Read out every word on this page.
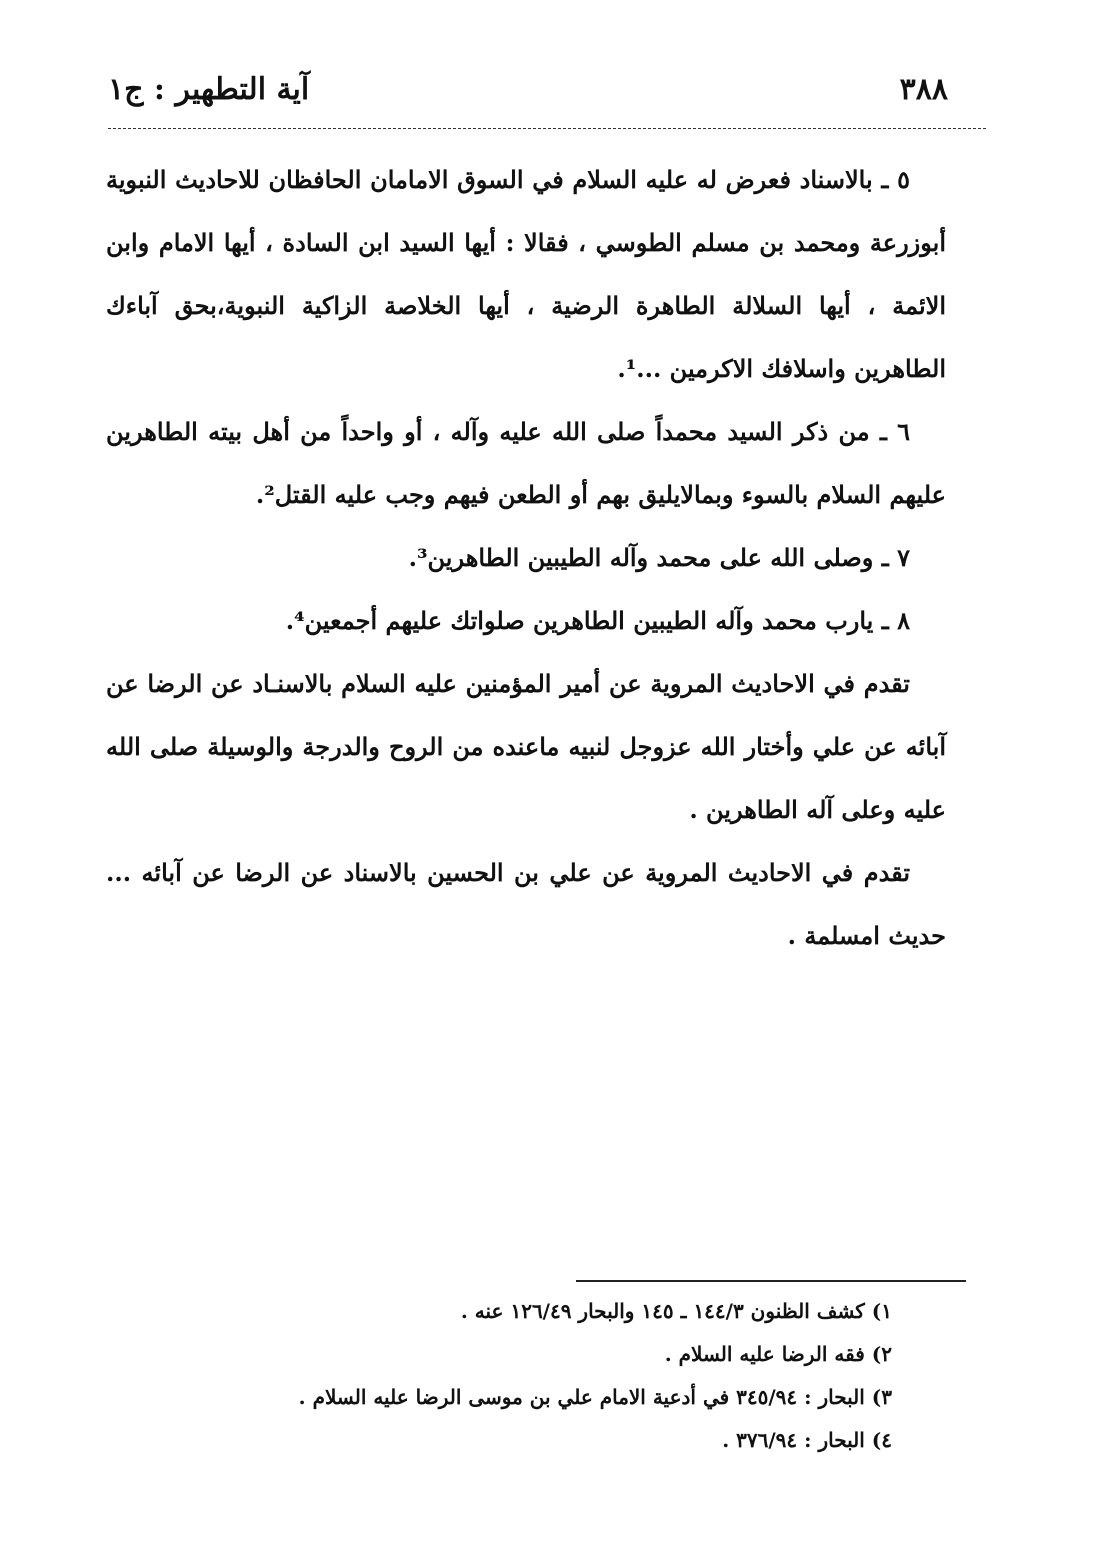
٣٨٨
آية التطهير : ج١

٥ ـ بالاسناد فعرض له عليه السلام في السوق الامامان الحافظان للاحاديث النبوية أبوزرعة ومحمد بن مسلم الطوسي ، فقالا : أيها السيد ابن السادة ، أيها الامام وابن الائمة ، أيها السلالة الطاهرة الرضية ، أيها الخلاصة الزاكية النبوية،بحق آباءك الطاهرين واسلافك الاكرمين ...¹.

٦ ـ من ذكر السيد محمداً صلى الله عليه وآله ، أو واحداً من أهل بيته الطاهرين عليهم السلام بالسوء وبمالايليق بهم أو الطعن فيهم وجب عليه القتل².

٧ ـ وصلى الله على محمد وآله الطيبين الطاهرين³.

٨ ـ يارب محمد وآله الطيبين الطاهرين صلواتك عليهم أجمعين⁴.

تقدم في الاحاديث المروية عن أمير المؤمنين عليه السلام بالاسنـاد عن الرضا عن آبائه عن علي وأختار الله عزوجل لنبيه ماعنده من الروح والدرجة والوسيلة صلى الله عليه وعلى آله الطاهرين .

تقدم في الاحاديث المروية عن علي بن الحسين بالاسناد عن الرضا عن آبائه ... حديث امسلمة .

١) كشف الظنون ١٤٤/٣ ـ ١٤٥ والبحار ١٢٦/٤٩ عنه .

٢) فقه الرضا عليه السلام .

٣) البحار : ٣٤٥/٩٤ في أدعية الامام علي بن موسى الرضا عليه السلام .

٤) البحار : ٣٧٦/٩٤ .
